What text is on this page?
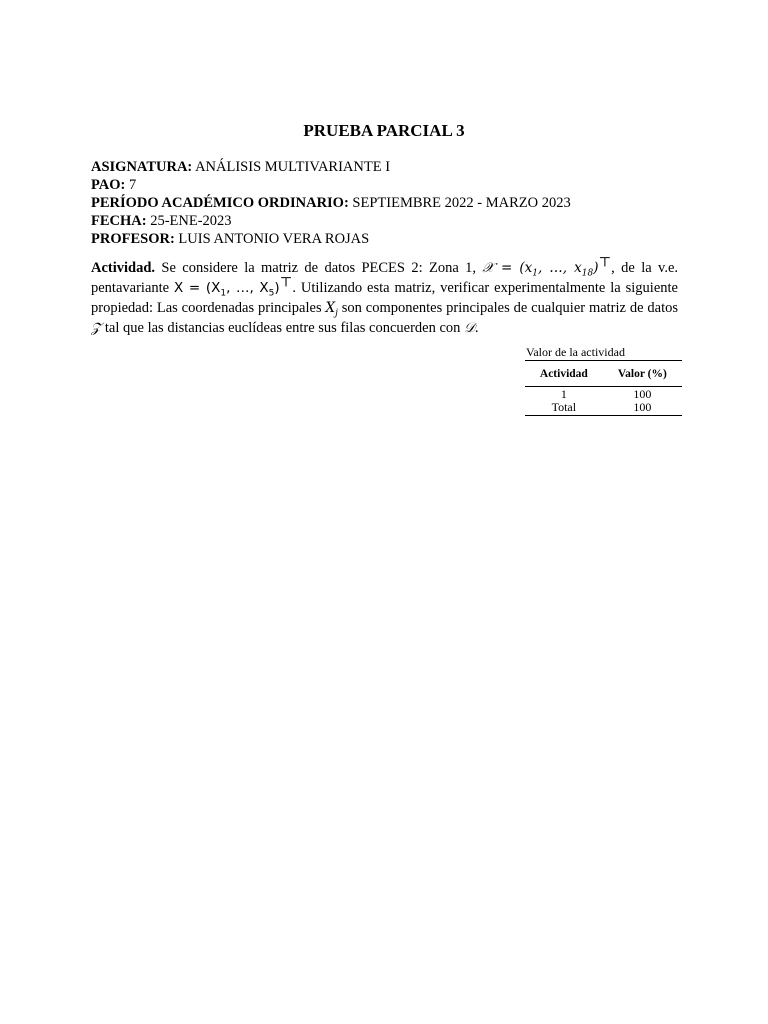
PRUEBA PARCIAL 3
ASIGNATURA: ANÁLISIS MULTIVARIANTE I
PAO: 7
PERÍODO ACADÉMICO ORDINARIO: SEPTIEMBRE 2022 - MARZO 2023
FECHA: 25-ENE-2023
PROFESOR: LUIS ANTONIO VERA ROJAS
Actividad. Se considere la matriz de datos PECES 2: Zona 1, 𝒳 = ($x_1$, …, $x_{18})^⊤$, de la v.e. pentavariante $X = (X_1$, …, $X_5)^⊤$. Utilizando esta matriz, verificar experimentalmente la siguiente propiedad: Las coordenadas principales $X_j$ son componentes principales de cualquier matriz de datos 𝒵 tal que las distancias euclídeas entre sus filas concuerden con 𝒟.
Valor de la actividad
Actividad	Valor (%)
1	100
Total	100
